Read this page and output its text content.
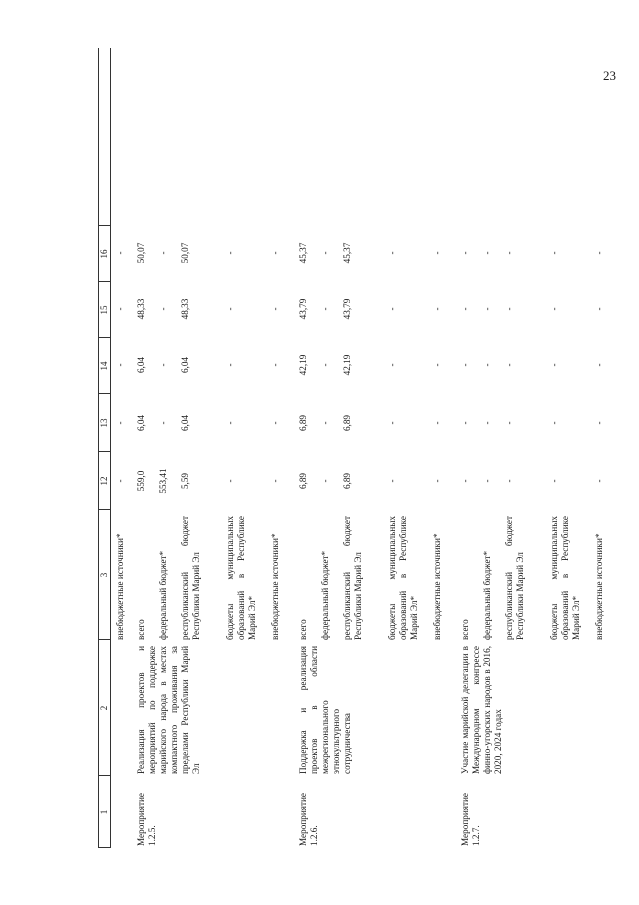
23
1
2
3
12
13
14
15
16
внебюджетные источники*
-
-
-
-
-
Мероприятие 1.2.5.
Реализация проектов и мероприятий по поддержке марийского народа в местах компактного проживания за пределами Республики Марий Эл
всего
559,0
6,04
6,04
48,33
50,07
федеральный бюджет*
553,41
-
-
-
-
республиканский бюджет Республики Марий Эл
5,59
6,04
6,04
48,33
50,07
бюджеты муниципальных образований в Республике Марий Эл*
-
-
-
-
-
внебюджетные источники*
-
-
-
-
-
Мероприятие 1.2.6.
Поддержка и реализация проектов в области межрегионального этнокультурного сотрудничества
всего
6,89
6,89
42,19
43,79
45,37
федеральный бюджет*
-
-
-
-
-
республиканский бюджет Республики Марий Эл
6,89
6,89
42,19
43,79
45,37
бюджеты муниципальных образований в Республике Марий Эл*
-
-
-
-
-
внебюджетные источники*
-
-
-
-
-
Мероприятие 1.2.7.
Участие марийской делегации в Международном конгрессе финно-угорских народов в 2016, 2020, 2024 годах
всего
-
-
-
-
-
федеральный бюджет*
-
-
-
-
-
республиканский бюджет Республики Марий Эл
-
-
-
-
-
бюджеты муниципальных образований в Республике Марий Эл*
-
-
-
-
-
внебюджетные источники*
-
-
-
-
-
